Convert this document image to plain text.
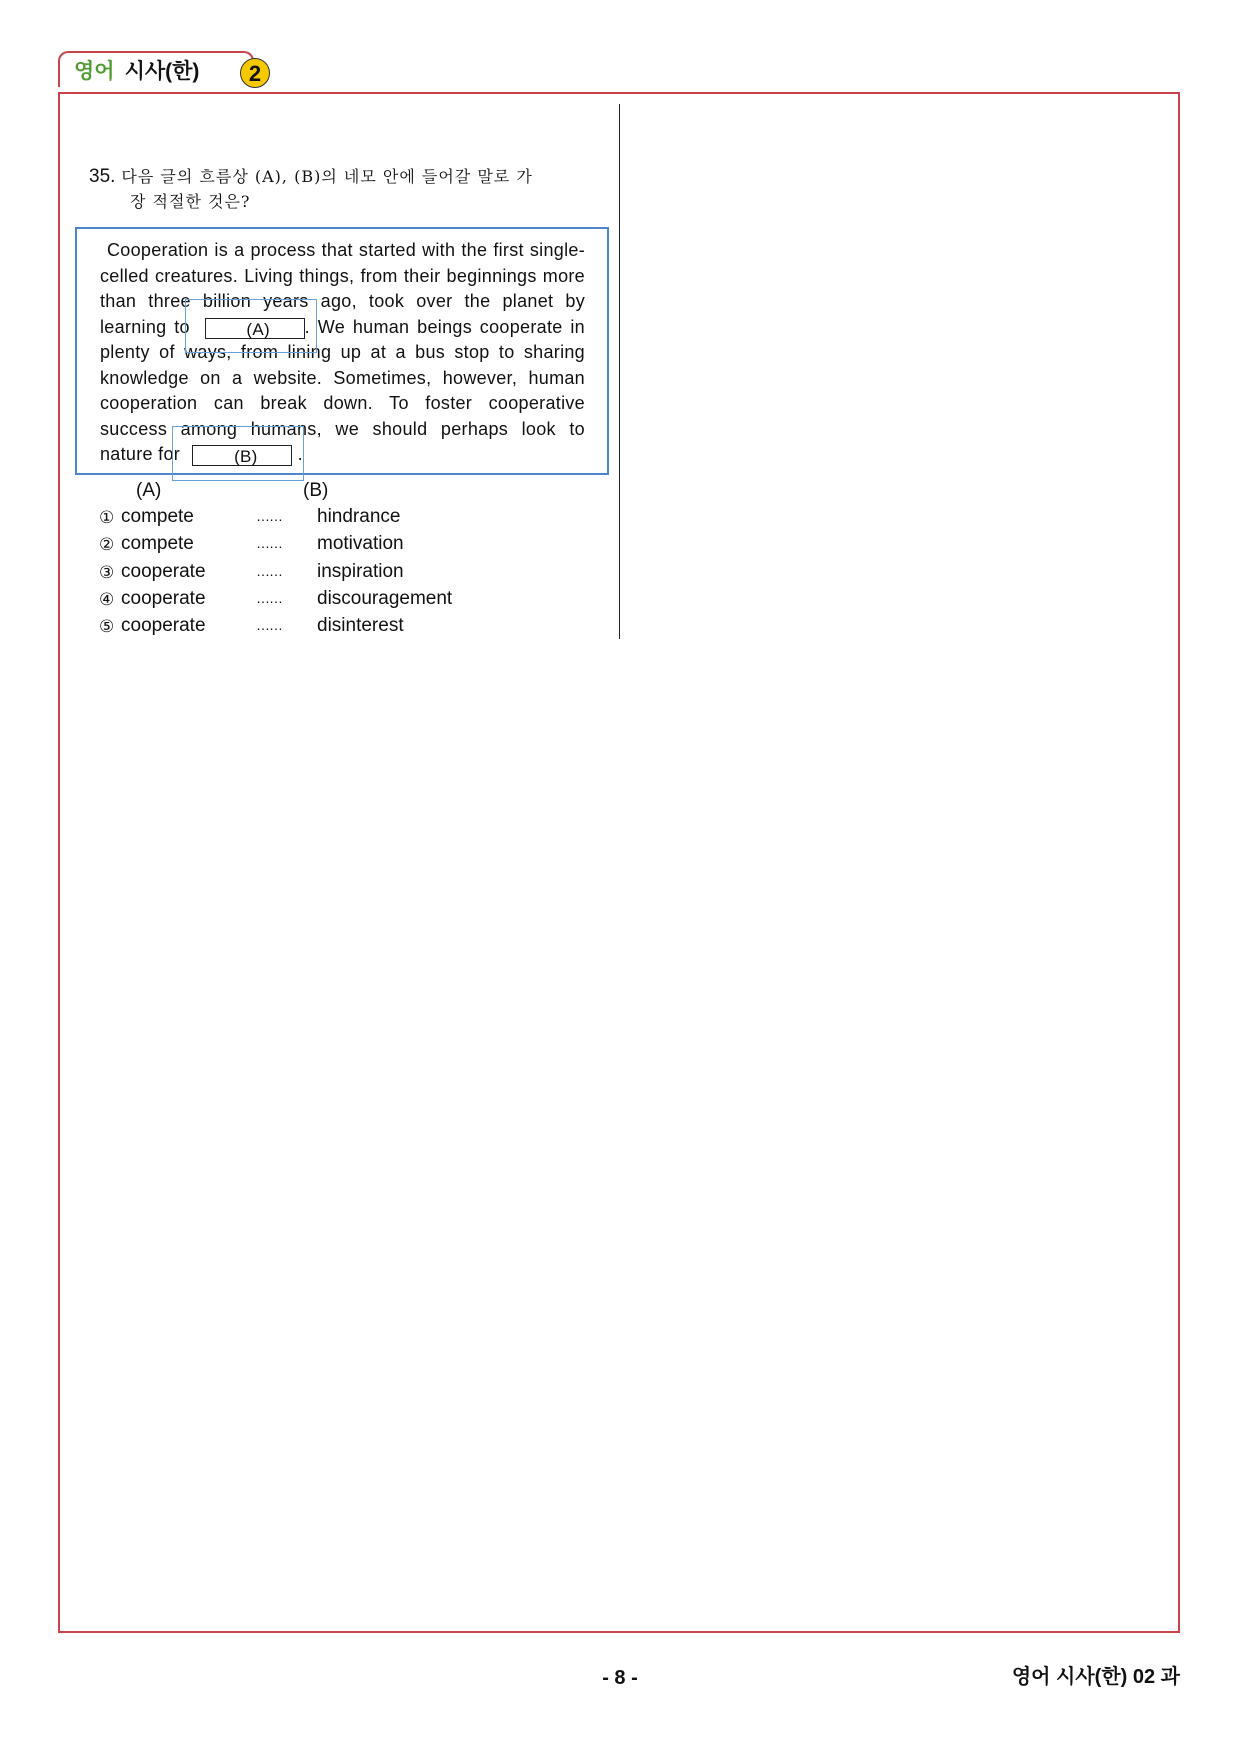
영어 시사(한)	2
35. 다음 글의 흐름상 (A), (B)의 네모 안에 들어갈 말로 가
장 적절한 것은?

Cooperation is a process that started with the first single-celled creatures. Living things, from their beginnings more than three billion years ago, took over the planet by learning to	(A) . We human beings cooperate in plenty of ways, from lining up at a bus stop to sharing knowledge on a website. Sometimes, however, human cooperation can break down. To foster cooperative success among humans, we should perhaps look to nature for	(B) .

(A)	(B)
① compete	…… hindrance
② compete	…… motivation
③ cooperate	…… inspiration
④ cooperate	…… discouragement
⑤ cooperate	…… disinterest
- 8 -	영어 시사(한) 02 과
